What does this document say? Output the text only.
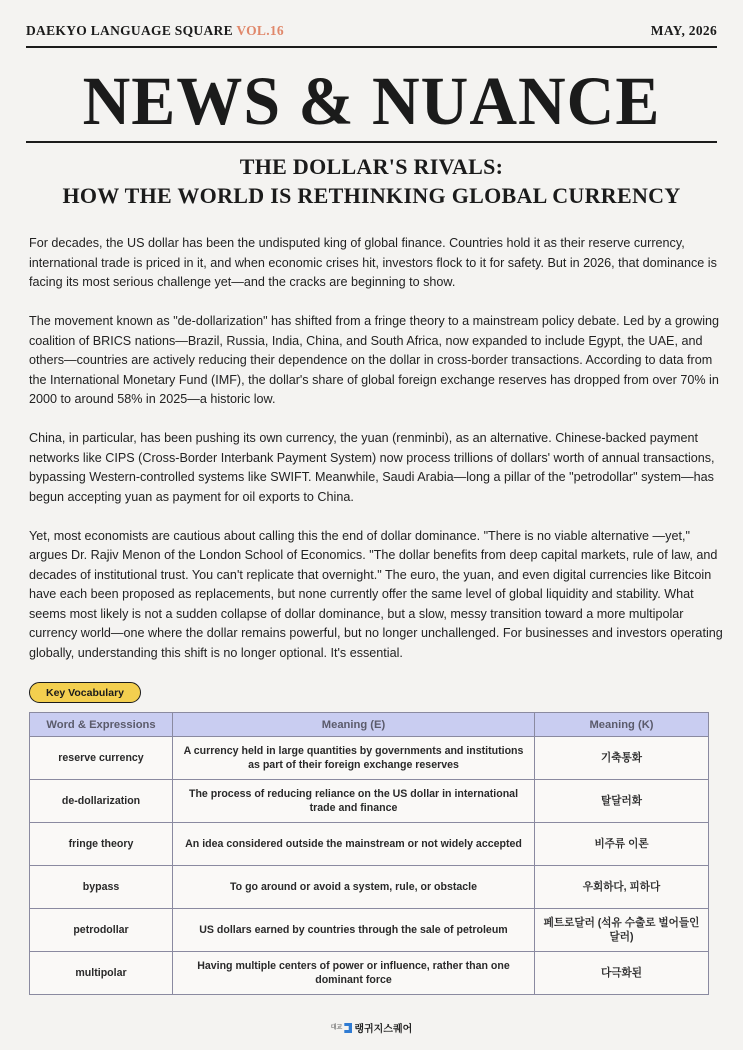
DAEKYO LANGUAGE SQUARE VOL.16	MAY, 2026
NEWS & NUANCE
THE DOLLAR'S RIVALS:
HOW THE WORLD IS RETHINKING GLOBAL CURRENCY

For decades, the US dollar has been the undisputed king of global finance. Countries hold it as their reserve currency, international trade is priced in it, and when economic crises hit, investors flock to it for safety. But in 2026, that dominance is facing its most serious challenge yet—and the cracks are beginning to show.

The movement known as "de-dollarization" has shifted from a fringe theory to a mainstream policy debate. Led by a growing coalition of BRICS nations—Brazil, Russia, India, China, and South Africa, now expanded to include Egypt, the UAE, and others—countries are actively reducing their dependence on the dollar in cross-border transactions. According to data from the International Monetary Fund (IMF), the dollar's share of global foreign exchange reserves has dropped from over 70% in 2000 to around 58% in 2025—a historic low.

China, in particular, has been pushing its own currency, the yuan (renminbi), as an alternative. Chinese-backed payment networks like CIPS (Cross-Border Interbank Payment System) now process trillions of dollars' worth of annual transactions, bypassing Western-controlled systems like SWIFT. Meanwhile, Saudi Arabia—long a pillar of the "petrodollar" system—has begun accepting yuan as payment for oil exports to China.

Yet, most economists are cautious about calling this the end of dollar dominance. "There is no viable alternative —yet," argues Dr. Rajiv Menon of the London School of Economics. "The dollar benefits from deep capital markets, rule of law, and decades of institutional trust. You can't replicate that overnight." The euro, the yuan, and even digital currencies like Bitcoin have each been proposed as replacements, but none currently offer the same level of global liquidity and stability. What seems most likely is not a sudden collapse of dollar dominance, but a slow, messy transition toward a more multipolar currency world—one where the dollar remains powerful, but no longer unchallenged. For businesses and investors operating globally, understanding this shift is no longer optional. It's essential.

Key Vocabulary
Word & Expressions	Meaning (E)	Meaning (K)
reserve currency	A currency held in large quantities by governments and institutions as part of their foreign exchange reserves	기축통화
de-dollarization	The process of reducing reliance on the US dollar in international trade and finance	탈달러화
fringe theory	An idea considered outside the mainstream or not widely accepted	비주류 이론
bypass	To go around or avoid a system, rule, or obstacle	우회하다, 피하다
petrodollar	US dollars earned by countries through the sale of petroleum	페트로달러 (석유 수출로 벌어들인 달러)
multipolar	Having multiple centers of power or influence, rather than one dominant force	다극화된
$^{대교}$ 랭귀지스퀘어
